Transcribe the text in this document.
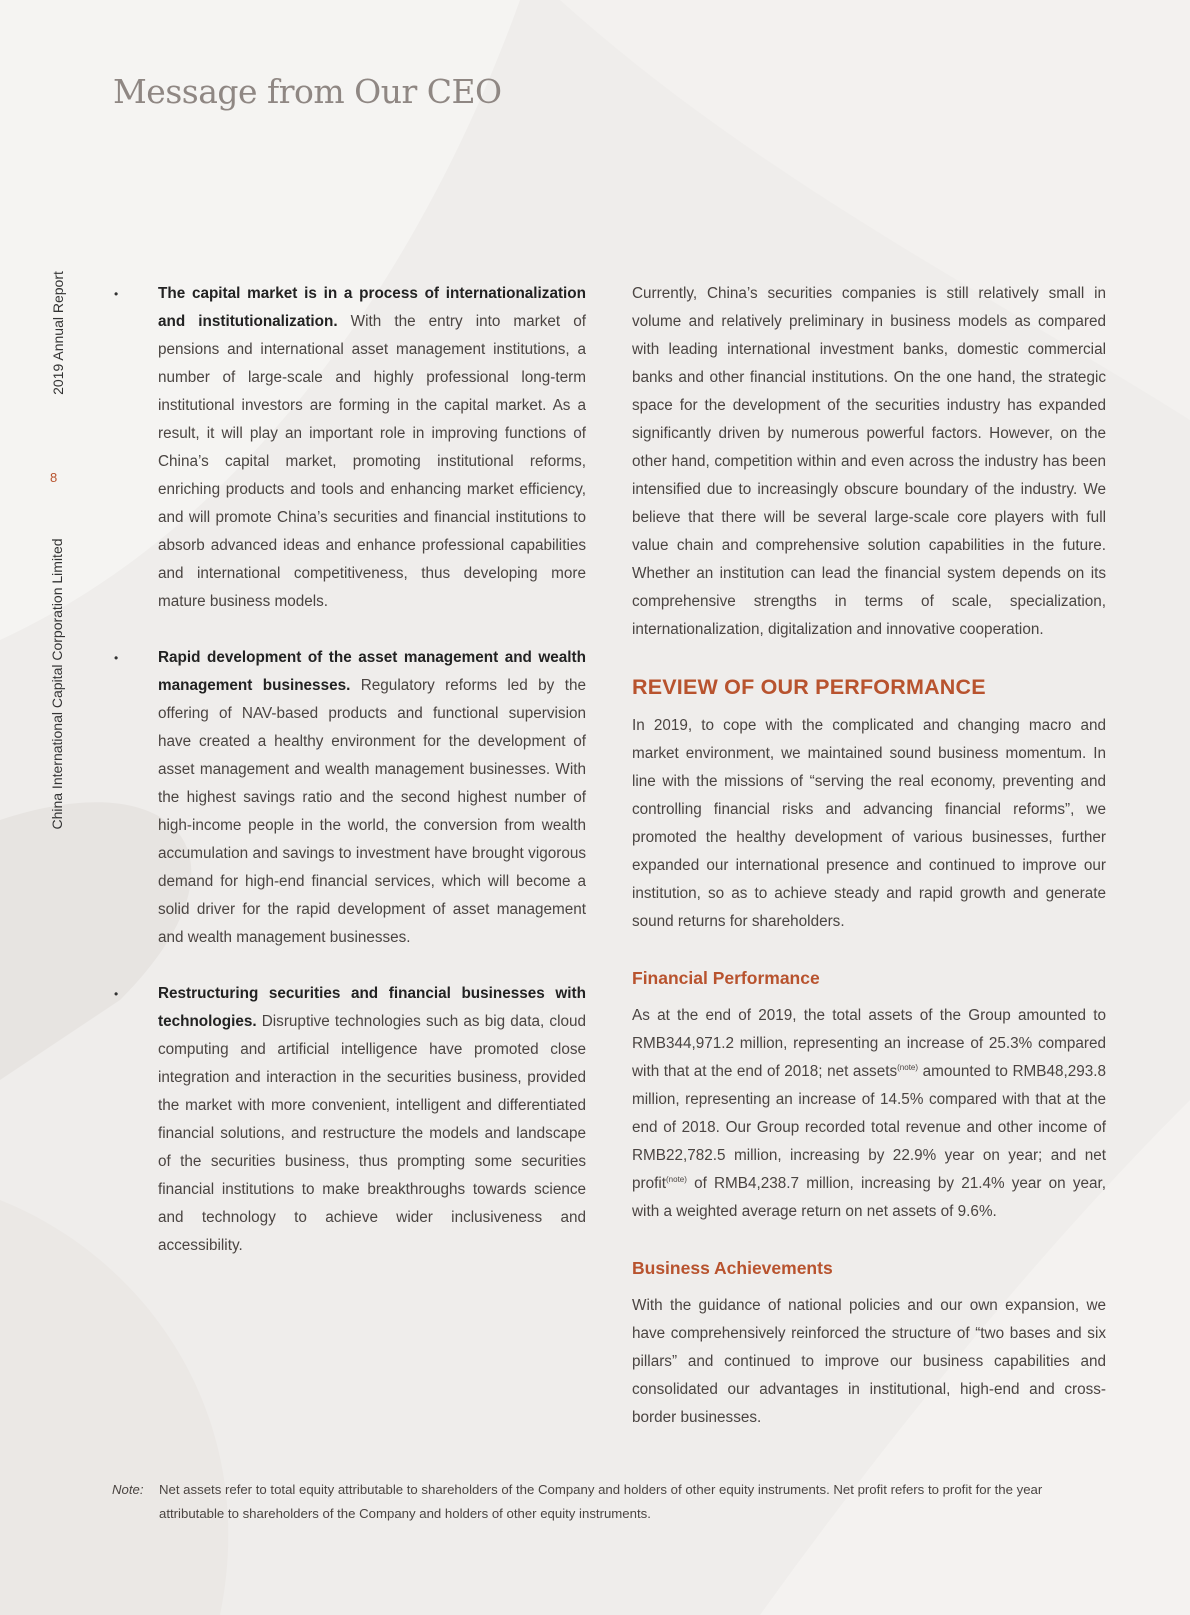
Message from Our CEO
2019 Annual Report
8
China International Capital Corporation Limited
•	The capital market is in a process of internationalization and institutionalization. With the entry into market of pensions and international asset management institutions, a number of large-scale and highly professional long-term institutional investors are forming in the capital market. As a result, it will play an important role in improving functions of China’s capital market, promoting institutional reforms, enriching products and tools and enhancing market efficiency, and will promote China’s securities and financial institutions to absorb advanced ideas and enhance professional capabilities and international competitiveness, thus developing more mature business models.
•	Rapid development of the asset management and wealth management businesses. Regulatory reforms led by the offering of NAV-based products and functional supervision have created a healthy environment for the development of asset management and wealth management businesses. With the highest savings ratio and the second highest number of high-income people in the world, the conversion from wealth accumulation and savings to investment have brought vigorous demand for high-end financial services, which will become a solid driver for the rapid development of asset management and wealth management businesses.
•	Restructuring securities and financial businesses with technologies. Disruptive technologies such as big data, cloud computing and artificial intelligence have promoted close integration and interaction in the securities business, provided the market with more convenient, intelligent and differentiated financial solutions, and restructure the models and landscape of the securities business, thus prompting some securities financial institutions to make breakthroughs towards science and technology to achieve wider inclusiveness and accessibility.

Currently, China’s securities companies is still relatively small in volume and relatively preliminary in business models as compared with leading international investment banks, domestic commercial banks and other financial institutions. On the one hand, the strategic space for the development of the securities industry has expanded significantly driven by numerous powerful factors. However, on the other hand, competition within and even across the industry has been intensified due to increasingly obscure boundary of the industry. We believe that there will be several large-scale core players with full value chain and comprehensive solution capabilities in the future. Whether an institution can lead the financial system depends on its comprehensive strengths in terms of scale, specialization, internationalization, digitalization and innovative cooperation.

REVIEW OF OUR PERFORMANCE

In 2019, to cope with the complicated and changing macro and market environment, we maintained sound business momentum. In line with the missions of “serving the real economy, preventing and controlling financial risks and advancing financial reforms”, we promoted the healthy development of various businesses, further expanded our international presence and continued to improve our institution, so as to achieve steady and rapid growth and generate sound returns for shareholders.

Financial Performance

As at the end of 2019, the total assets of the Group amounted to RMB344,971.2 million, representing an increase of 25.3% compared with that at the end of 2018; net assets$^{(note)}$ amounted to RMB48,293.8 million, representing an increase of 14.5% compared with that at the end of 2018. Our Group recorded total revenue and other income of RMB22,782.5 million, increasing by 22.9% year on year; and net profit$^{(note)}$ of RMB4,238.7 million, increasing by 21.4% year on year, with a weighted average return on net assets of 9.6%.

Business Achievements

With the guidance of national policies and our own expansion, we have comprehensively reinforced the structure of “two bases and six pillars” and continued to improve our business capabilities and consolidated our advantages in institutional, high-end and cross-border businesses.

Note: Net assets refer to total equity attributable to shareholders of the Company and holders of other equity instruments. Net profit refers to profit for the year attributable to shareholders of the Company and holders of other equity instruments.
